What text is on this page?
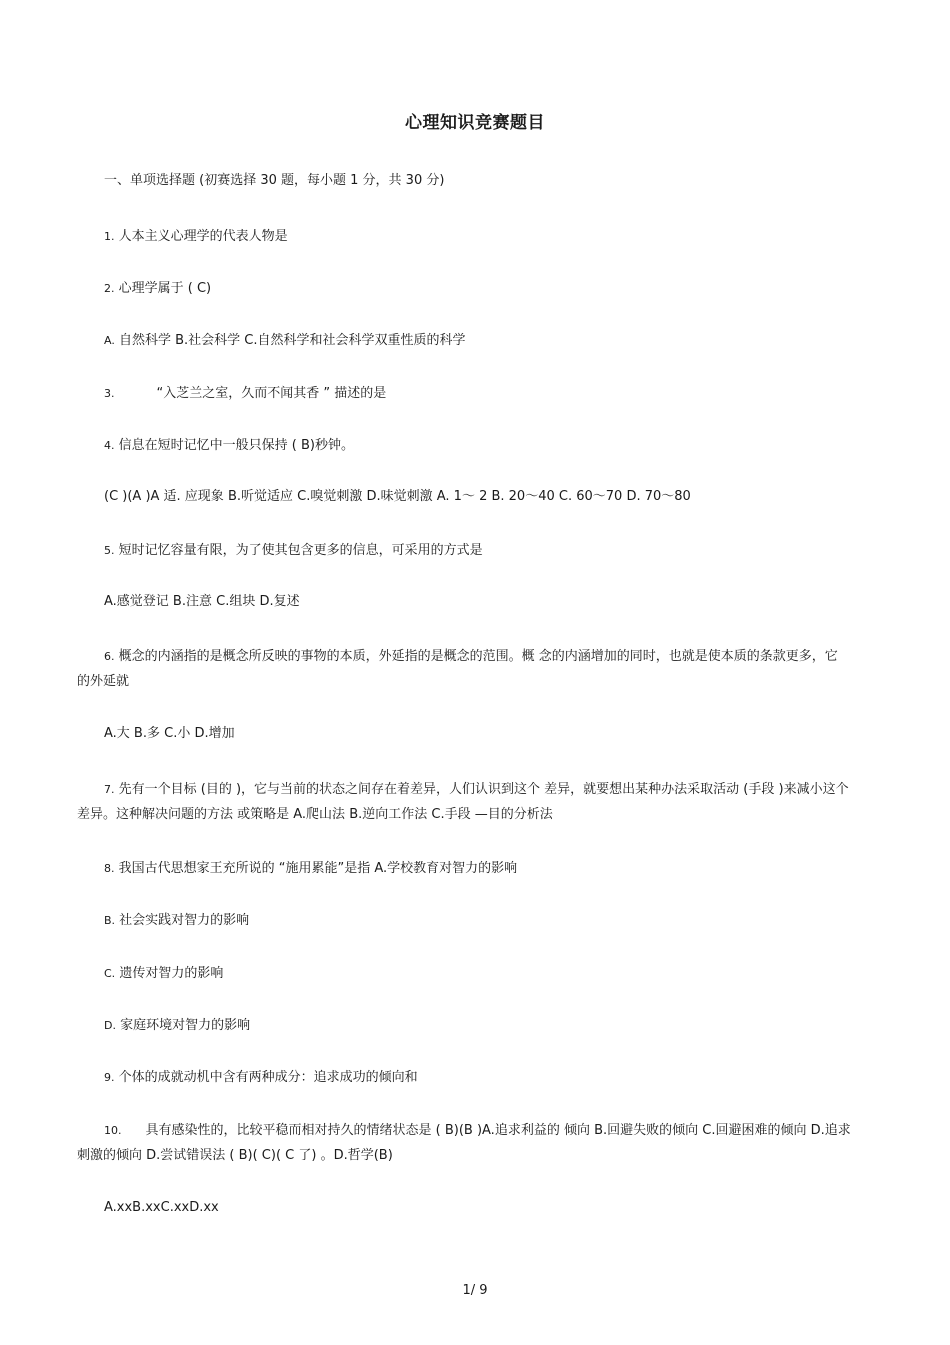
心理知识竞赛题目
一、单项选择题 (初赛选择 30 题，每小题 1 分，共 30 分)
1. 人本主义心理学的代表人物是
2. 心理学属于 ( C)
A. 自然科学 B.社会科学 C.自然科学和社会科学双重性质的科学
3.	“入芝兰之室，久而不闻其香 ” 描述的是
4. 信息在短时记忆中一般只保持 ( B)秒钟。
(C )(A )A 适. 应现象 B.听觉适应 C.嗅觉刺激 D.味觉刺激 A. 1～ 2 B. 20～40 C. 60～70 D. 70～80
5. 短时记忆容量有限，为了使其包含更多的信息，可采用的方式是
A.感觉登记 B.注意 C.组块 D.复述
6. 概念的内涵指的是概念所反映的事物的本质，外延指的是概念的范围。概 念的内涵增加的同时，也就是使本质的条款更多，它
的外延就
A.大 B.多 C.小 D.增加
7. 先有一个目标 (目的 )，它与当前的状态之间存在着差异，人们认识到这个 差异，就要想出某种办法采取活动 (手段 )来减小这个
差异。这种解决问题的方法 或策略是 A.爬山法 B.逆向工作法 C.手段 —目的分析法
8. 我国古代思想家王充所说的 “施用累能”是指 A.学校教育对智力的影响
B. 社会实践对智力的影响
C. 遗传对智力的影响
D. 家庭环境对智力的影响
9. 个体的成就动机中含有两种成分：追求成功的倾向和
10. 具有感染性的，比较平稳而相对持久的情绪状态是 ( B)(B )A.追求利益的 倾向 B.回避失败的倾向 C.回避困难的倾向 D.追求
刺激的倾向 D.尝试错误法 ( B)( C)( C 了) 。D.哲学(B)
A.xxB.xxC.xxD.xx
1/ 9
